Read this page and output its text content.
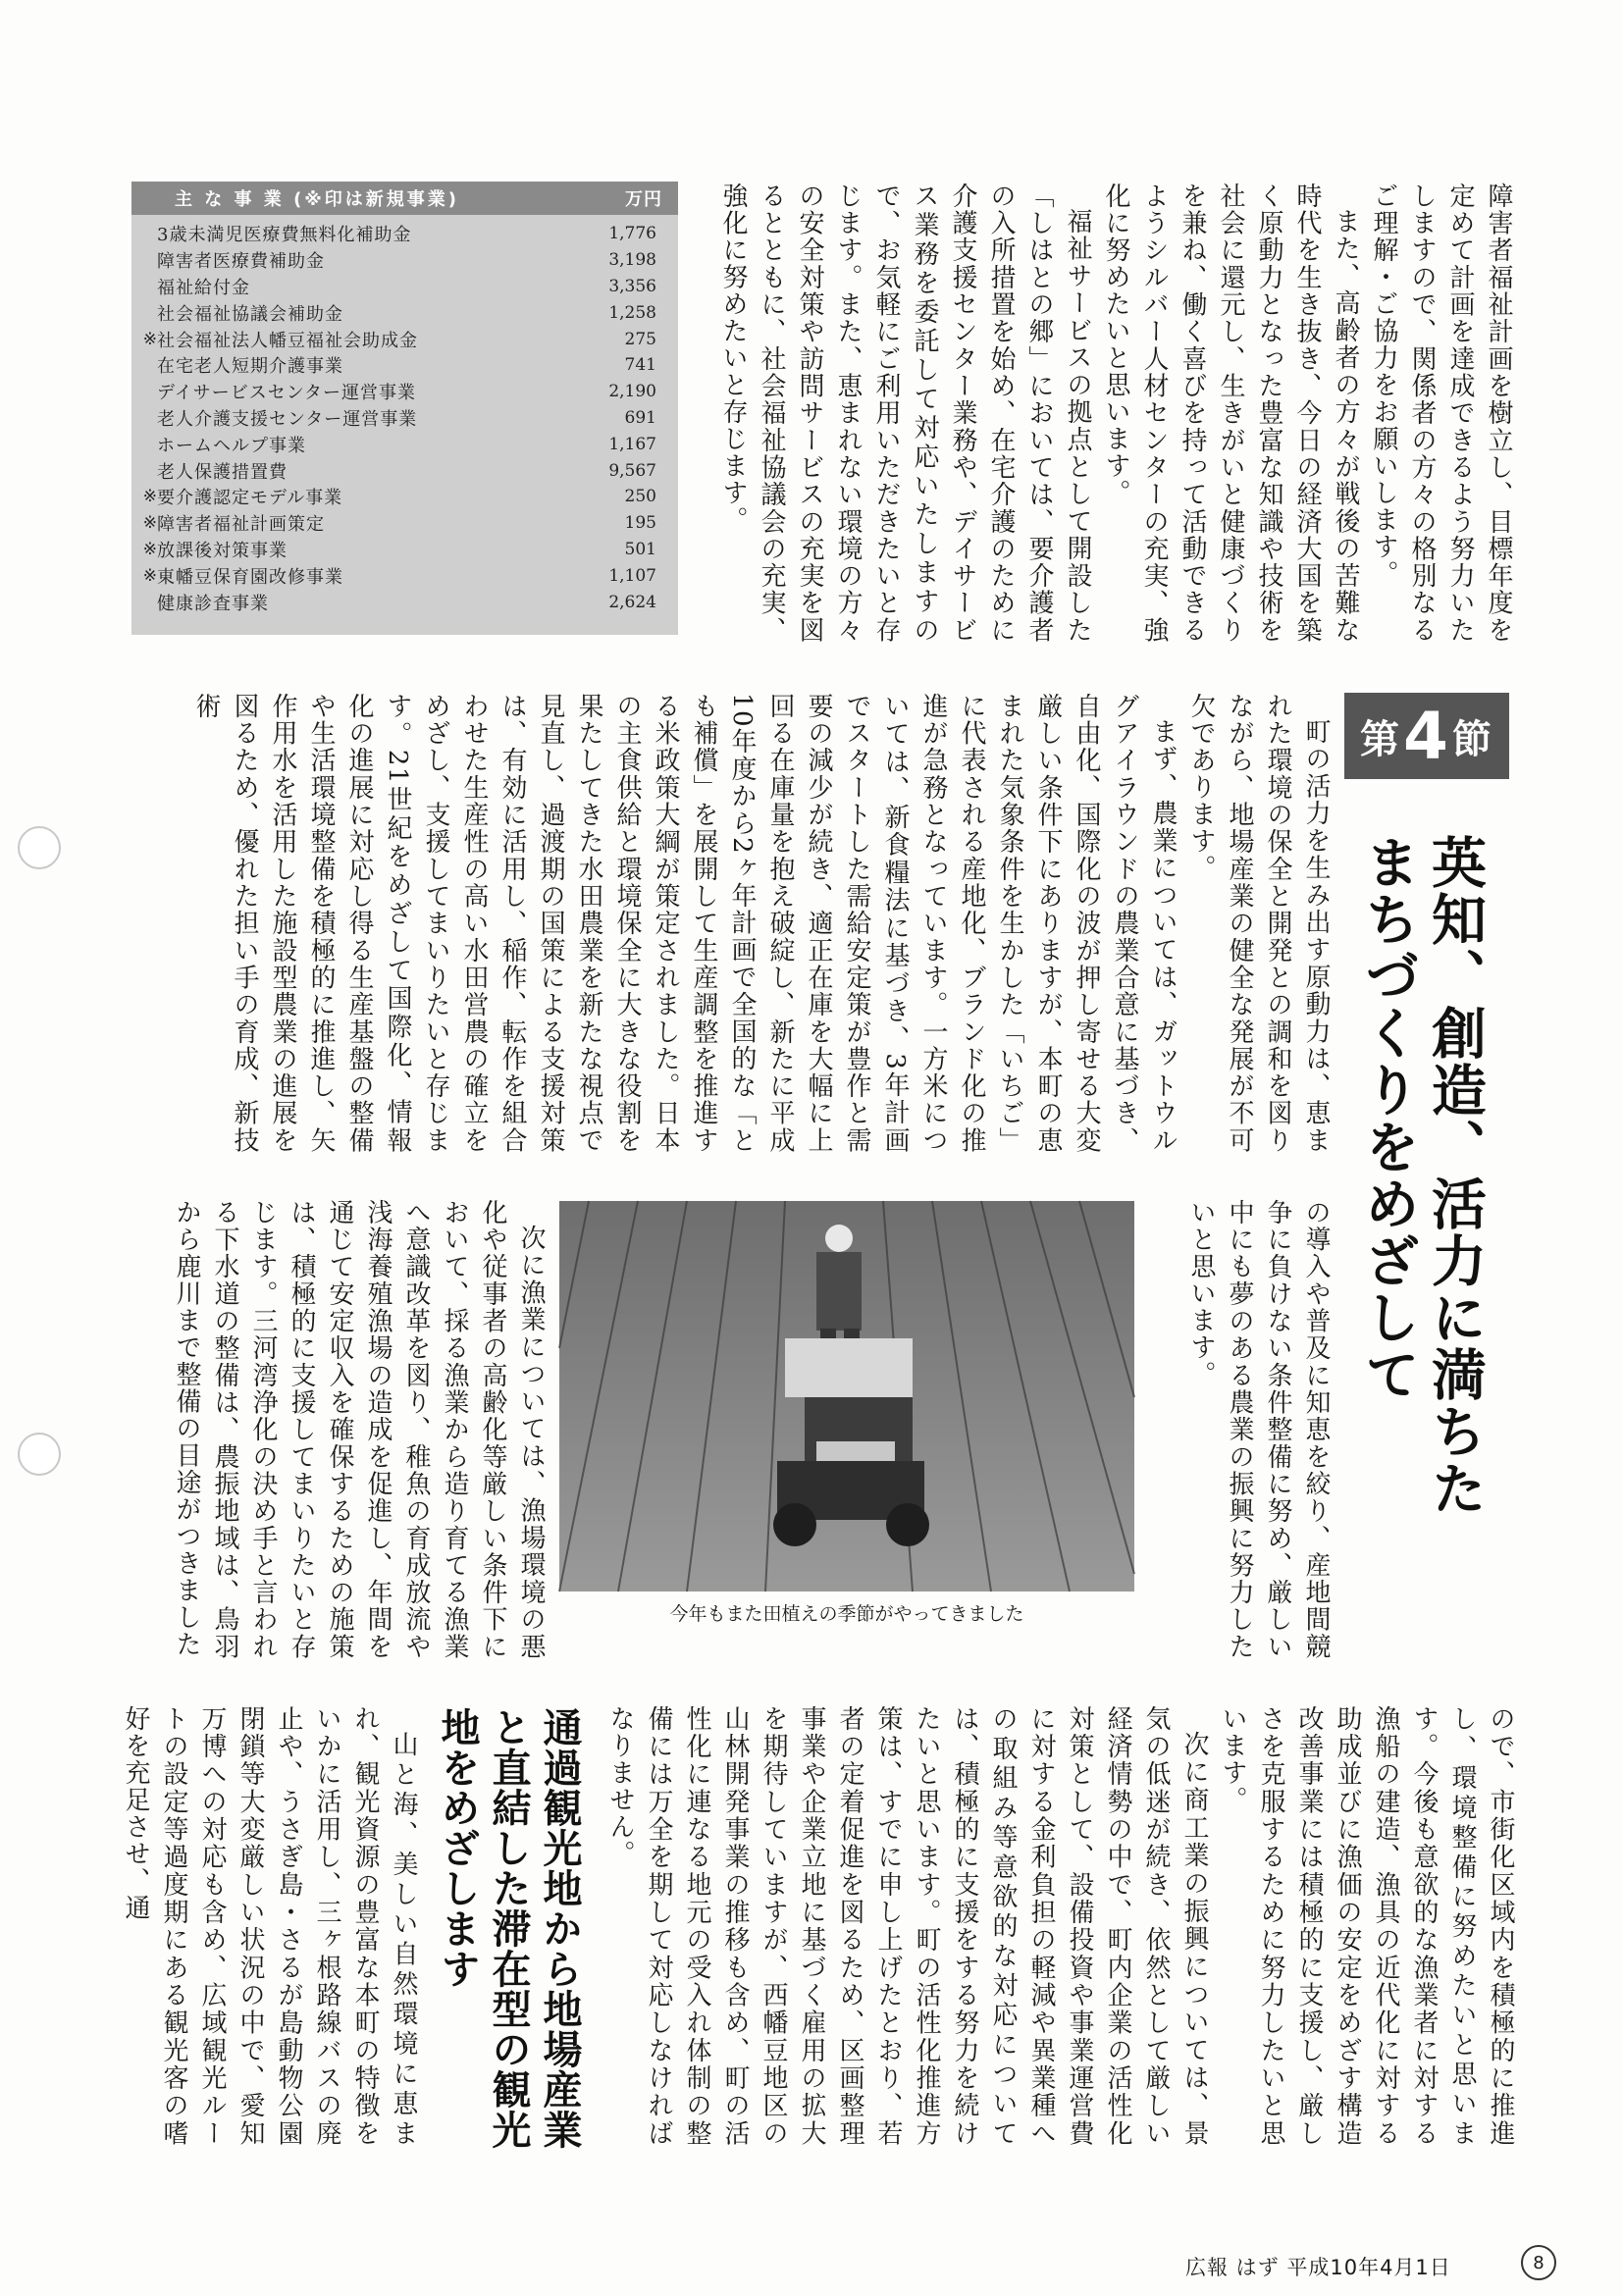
障害者福祉計画を樹立し、目標年度を定めて計画を達成できるよう努力いたしますので、関係者の方々の格別なるご理解・ご協力をお願いします。

また、高齢者の方々が戦後の苦難な時代を生き抜き、今日の経済大国を築く原動力となった豊富な知識や技術を社会に還元し、生きがいと健康づくりを兼ね、働く喜びを持って活動できるようシルバー人材センターの充実、強化に努めたいと思います。

福祉サービスの拠点として開設した「しはとの郷」においては、要介護者の入所措置を始め、在宅介護のために介護支援センター業務や、デイサービス業務を委託して対応いたしますので、お気軽にご利用いただきたいと存じます。また、恵まれない環境の方々の安全対策や訪問サービスの充実を図るとともに、社会福祉協議会の充実、強化に努めたいと存じます。

主 な 事 業 (※印は新規事業)	万円
3歳未満児医療費無料化補助金	1,776
障害者医療費補助金	3,198
福祉給付金	3,356
社会福祉協議会補助金	1,258
※ 社会福祉法人幡豆福祉会助成金	275
在宅老人短期介護事業	741
デイサービスセンター運営事業	2,190
老人介護支援センター運営事業	691
ホームヘルプ事業	1,167
老人保護措置費	9,567
※ 要介護認定モデル事業	250
※ 障害者福祉計画策定	195
※ 放課後対策事業	501
※ 東幡豆保育園改修事業	1,107
健康診査事業	2,624
第 4 節
英知、創造、活力に満ちたまちづくりをめざして

町の活力を生み出す原動力は、恵まれた環境の保全と開発との調和を図りながら、地場産業の健全な発展が不可欠であります。

まず、農業については、ガットウルグアイラウンドの農業合意に基づき、自由化、国際化の波が押し寄せる大変厳しい条件下にありますが、本町の恵まれた気象条件を生かした「いちご」に代表される産地化、ブランド化の推進が急務となっています。一方米については、新食糧法に基づき、3年計画でスタートした需給安定策が豊作と需要の減少が続き、適正在庫を大幅に上回る在庫量を抱え破綻し、新たに平成10年度から2ヶ年計画で全国的な「とも補償」を展開して生産調整を推進する米政策大綱が策定されました。日本の主食供給と環境保全に大きな役割を果たしてきた水田農業を新たな視点で見直し、過渡期の国策による支援対策は、有効に活用し、稲作、転作を組合わせた生産性の高い水田営農の確立をめざし、支援してまいりたいと存じます。21世紀をめざして国際化、情報化の進展に対応し得る生産基盤の整備や生活環境整備を積極的に推進し、矢作用水を活用した施設型農業の進展を図るため、優れた担い手の育成、新技術

の導入や普及に知恵を絞り、産地間競争に負けない条件整備に努め、厳しい中にも夢のある農業の振興に努力したいと思います。

今年もまた田植えの季節がやってきました

次に漁業については、漁場環境の悪化や従事者の高齢化等厳しい条件下において、採る漁業から造り育てる漁業へ意識改革を図り、稚魚の育成放流や浅海養殖漁場の造成を促進し、年間を通じて安定収入を確保するための施策は、積極的に支援してまいりたいと存じます。三河湾浄化の決め手と言われる下水道の整備は、農振地域は、鳥羽から鹿川まで整備の目途がつきました

ので、市街化区域内を積極的に推進し、環境整備に努めたいと思います。今後も意欲的な漁業者に対する漁船の建造、漁具の近代化に対する助成並びに漁価の安定をめざす構造改善事業には積極的に支援し、厳しさを克服するために努力したいと思います。

次に商工業の振興については、景気の低迷が続き、依然として厳しい経済情勢の中で、町内企業の活性化対策として、設備投資や事業運営費に対する金利負担の軽減や異業種への取組み等意欲的な対応については、積極的に支援をする努力を続けたいと思います。町の活性化推進方策は、すでに申し上げたとおり、若者の定着促進を図るため、区画整理事業や企業立地に基づく雇用の拡大を期待していますが、西幡豆地区の山林開発事業の推移も含め、町の活性化に連なる地元の受入れ体制の整備には万全を期して対応しなければなりません。

通過観光地から地場産業と直結した滞在型の観光地をめざします

山と海、美しい自然環境に恵まれ、観光資源の豊富な本町の特徴をいかに活用し、三ヶ根路線バスの廃止や、うさぎ島・さるが島動物公園閉鎖等大変厳しい状況の中で、愛知万博への対応も含め、広域観光ルートの設定等過度期にある観光客の嗜好を充足させ、通

広報 はず 平成10年4月1日	8
